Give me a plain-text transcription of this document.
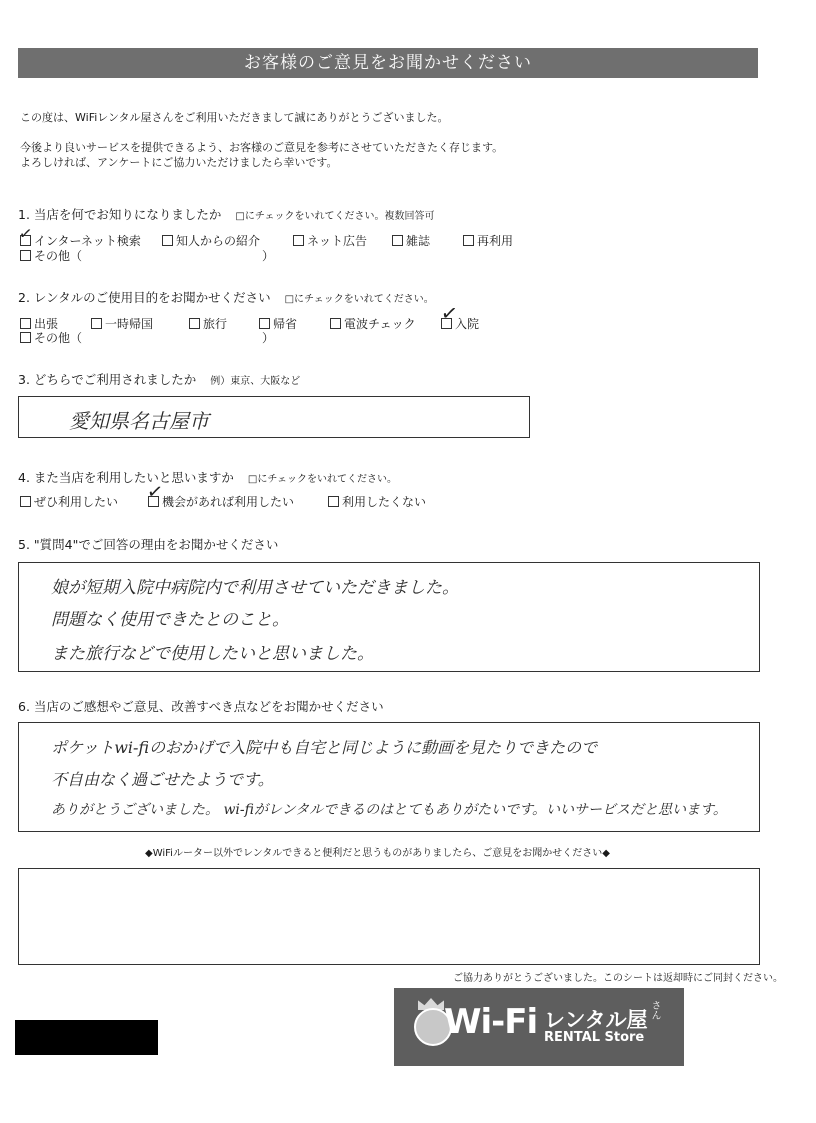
お客様のご意見をお聞かせください
この度は、WiFiレンタル屋さんをご利用いただきまして誠にありがとうございました。
今後より良いサービスを提供できるよう、お客様のご意見を参考にさせていただきたく存じます。
よろしければ、アンケートにご協力いただけましたら幸いです。
1. 当店を何でお知りになりましたか □にチェックをいれてください。複数回答可
インターネット検索
✓	知人からの紹介	ネット広告	雑誌	再利用
その他（	）
2. レンタルのご使用目的をお聞かせください □にチェックをいれてください。
出張	一時帰国	旅行	帰省	電波チェック	入院
✓
その他（	）
3. どちらでご利用されましたか 例）東京、大阪など
愛知県名古屋市
4. また当店を利用したいと思いますか □にチェックをいれてください。
ぜひ利用したい	機会があれば利用したい
✓	利用したくない
5. "質問4"でご回答の理由をお聞かせください
娘が短期入院中病院内で利用させていただきました。
問題なく使用できたとのこと。
また旅行などで使用したいと思いました。
6. 当店のご感想やご意見、改善すべき点などをお聞かせください
ポケットwi-fiのおかげで入院中も自宅と同じように動画を見たりできたので
不自由なく過ごせたようです。
ありがとうございました。 wi-fiがレンタルできるのはとてもありがたいです。いいサービスだと思います。
◆WiFiルーター以外でレンタルできると便利だと思うものがありましたら、ご意見をお聞かせください◆
ご協力ありがとうございました。このシートは返却時にご同封ください。
Wi-Fi レンタル屋 さん
RENTAL Store
